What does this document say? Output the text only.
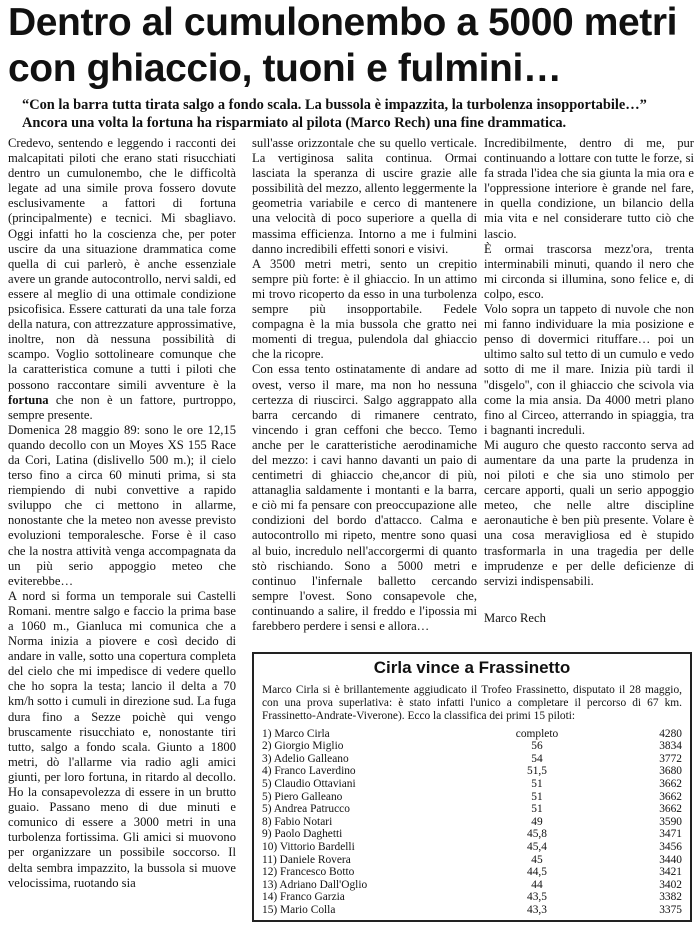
Dentro al cumulonembo a 5000 metri con ghiaccio, tuoni e fulmini…

“Con la barra tutta tirata salgo a fondo scala. La bussola è impazzita, la turbolenza insopportabile…” Ancora una volta la fortuna ha risparmiato al pilota (Marco Rech) una fine drammatica.

Credevo, sentendo e leggendo i racconti dei malcapitati piloti che erano stati risucchiati dentro un cumulonembo, che le difficoltà legate ad una simile prova fossero dovute esclusivamente a fattori di fortuna (principalmente) e tecnici. Mi sbagliavo. Oggi infatti ho la coscienza che, per poter uscire da una situazione drammatica come quella di cui parlerò, è anche essenziale avere un grande autocontrollo, nervi saldi, ed essere al meglio di una ottimale condizione psicofisica. Essere catturati da una tale forza della natura, con attrezzature approssimative, inoltre, non dà nessuna possibilità di scampo. Voglio sottolineare comunque che la caratteristica comune a tutti i piloti che possono raccontare simili avventure è la fortuna che non è un fattore, purtroppo, sempre presente.

Domenica 28 maggio 89: sono le ore 12,15 quando decollo con un Moyes XS 155 Race da Cori, Latina (dislivello 500 m.); il cielo terso fino a circa 60 minuti prima, si sta riempiendo di nubi convettive a rapido sviluppo che ci mettono in allarme, nonostante che la meteo non avesse previsto evoluzioni temporalesche. Forse è il caso che la nostra attività venga accompagnata da un più serio appoggio meteo che eviterebbe…

A nord si forma un temporale sui Castelli Romani. mentre salgo e faccio la prima base a 1060 m., Gianluca mi comunica che a Norma inizia a piovere e così decido di andare in valle, sotto una copertura completa del cielo che mi impedisce di vedere quello che ho sopra la testa; lancio il delta a 70 km/h sotto i cumuli in direzione sud. La fuga dura fino a Sezze poichè qui vengo bruscamente risucchiato e, nonostante tiri tutto, salgo a fondo scala. Giunto a 1800 metri, dò l'allarme via radio agli amici giunti, per loro fortuna, in ritardo al decollo. Ho la consapevolezza di essere in un brutto guaio. Passano meno di due minuti e comunico di essere a 3000 metri in una turbolenza fortissima. Gli amici si muovono per organizzare un possibile soccorso. Il delta sembra impazzito, la bussola si muove velocissima, ruotando sia

sull'asse orizzontale che su quello verticale. La vertiginosa salita continua. Ormai lasciata la speranza di uscire grazie alle possibilità del mezzo, allento leggermente la geometria variabile e cerco di mantenere una velocità di poco superiore a quella di massima efficienza. Intorno a me i fulmini danno incredibili effetti sonori e visivi.

A 3500 metri metri, sento un crepitio sempre più forte: è il ghiaccio. In un attimo mi trovo ricoperto da esso in una turbolenza sempre più insopportabile. Fedele compagna è la mia bussola che gratto nei momenti di tregua, pulendola dal ghiaccio che la ricopre.

Con essa tento ostinatamente di andare ad ovest, verso il mare, ma non ho nessuna certezza di riuscirci. Salgo aggrappato alla barra cercando di rimanere centrato, vincendo i gran ceffoni che becco. Temo anche per le caratteristiche aerodinamiche del mezzo: i cavi hanno davanti un paio di centimetri di ghiaccio che,ancor di più, attanaglia saldamente i montanti e la barra, e ciò mi fa pensare con preoccupazione alle condizioni del bordo d'attacco. Calma e autocontrollo mi ripeto, mentre sono quasi al buio, incredulo nell'accorgermi di quanto stò rischiando. Sono a 5000 metri e continuo l'infernale balletto cercando sempre l'ovest. Sono consapevole che, continuando a salire, il freddo e l'ipossia mi farebbero perdere i sensi e allora…

Incredibilmente, dentro di me, pur continuando a lottare con tutte le forze, si fa strada l'idea che sia giunta la mia ora e l'oppressione interiore è grande nel fare, in quella condizione, un bilancio della mia vita e nel considerare tutto ciò che lascio.

È ormai trascorsa mezz'ora, trenta interminabili minuti, quando il nero che mi circonda si illumina, sono felice e, di colpo, esco.

Volo sopra un tappeto di nuvole che non mi fanno individuare la mia posizione e penso di dovermici rituffare… poi un ultimo salto sul tetto di un cumulo e vedo sotto di me il mare. Inizia più tardi il ''disgelo'', con il ghiaccio che scivola via come la mia ansia. Da 4000 metri plano fino al Circeo, atterrando in spiaggia, tra i bagnanti increduli.

Mi auguro che questo racconto serva ad aumentare da una parte la prudenza in noi piloti e che sia uno stimolo per cercare apporti, quali un serio appoggio meteo, che nelle altre discipline aeronautiche è ben più presente. Volare è una cosa meravigliosa ed è stupido trasformarla in una tragedia per delle imprudenze e per delle deficienze di servizi indispensabili.

Marco Rech

Cirla vince a Frassinetto

Marco Cirla si è brillantemente aggiudicato il Trofeo Frassinetto, disputato il 28 maggio, con una prova superlativa: è stato infatti l'unico a completare il percorso di 67 km. Frassinetto-Andrate-Viverone). Ecco la classifica dei primi 15 piloti:

1) Marco Cirla	completo	4280
2) Giorgio Miglio	56	3834
3) Adelio Galleano	54	3772
4) Franco Laverdino	51,5	3680
5) Claudio Ottaviani	51	3662
5) Piero Galleano	51	3662
5) Andrea Patrucco	51	3662
8) Fabio Notari	49	3590
9) Paolo Daghetti	45,8	3471
10) Vittorio Bardelli	45,4	3456
11) Daniele Rovera	45	3440
12) Francesco Botto	44,5	3421
13) Adriano Dall'Oglio	44	3402
14) Franco Garzia	43,5	3382
15) Mario Colla	43,3	3375
